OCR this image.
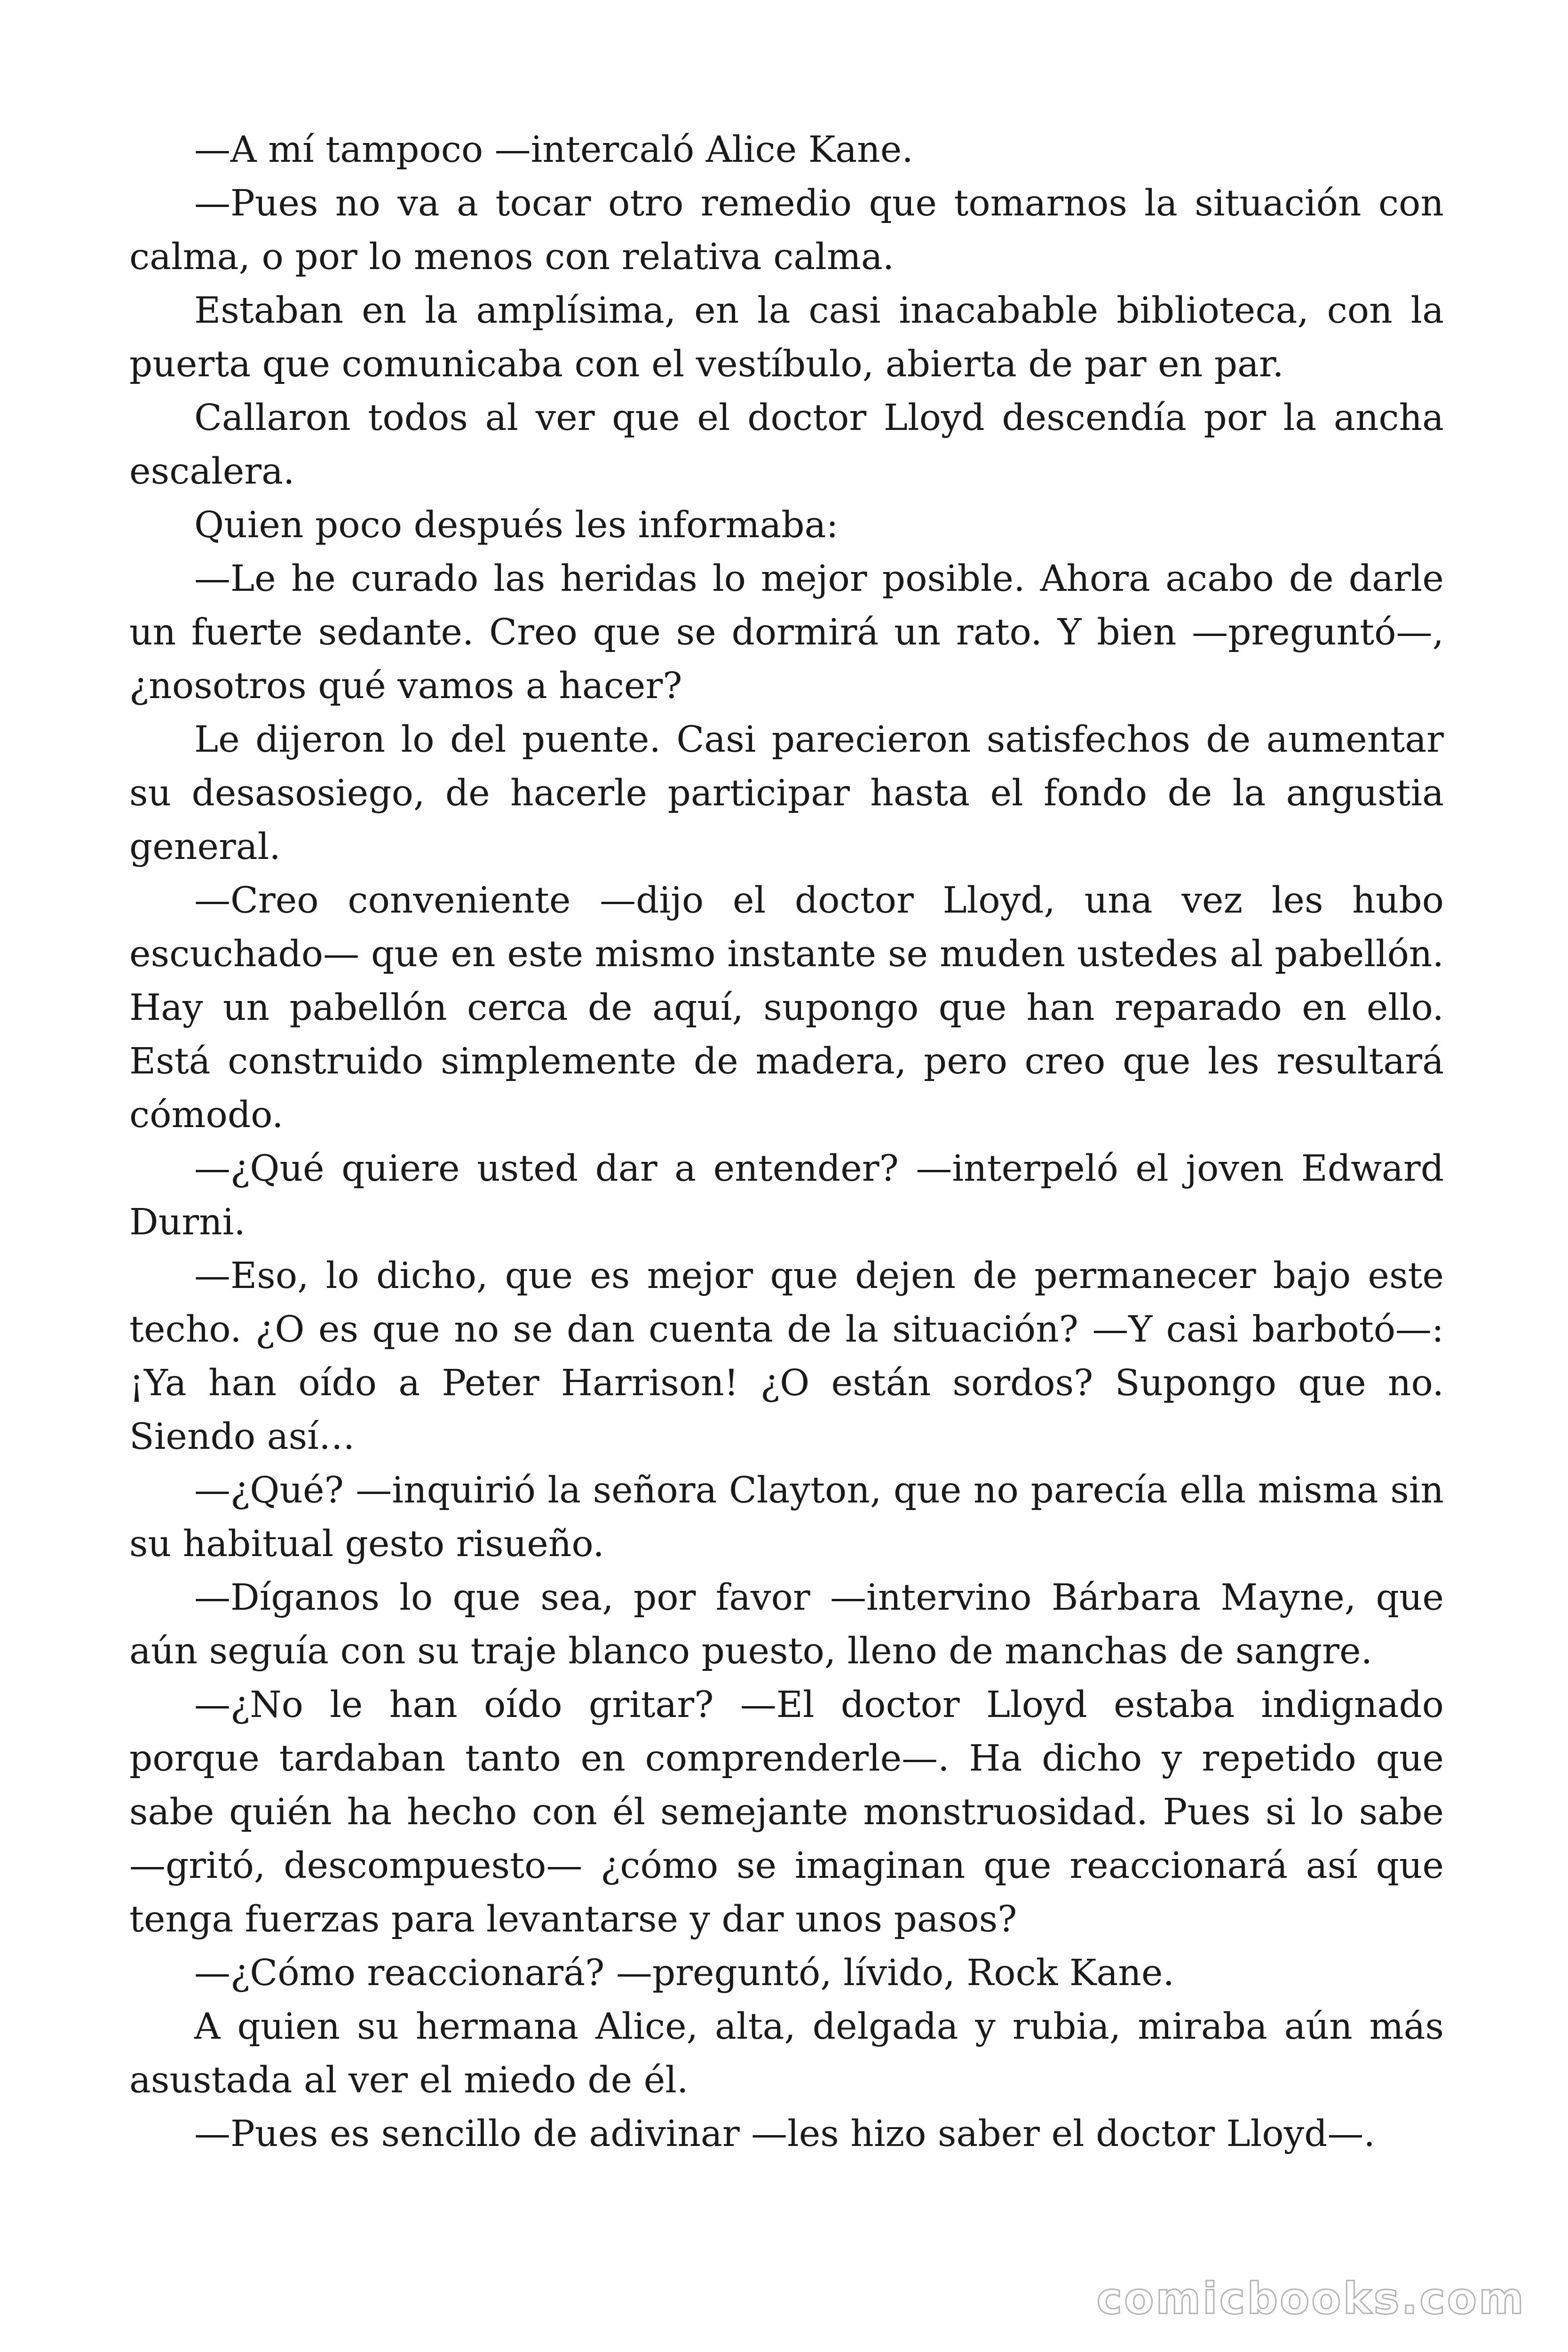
—A mí tampoco —intercaló Alice Kane.

—Pues no va a tocar otro remedio que tomarnos la situación con calma, o por lo menos con relativa calma.

Estaban en la amplísima, en la casi inacabable biblioteca, con la puerta que comunicaba con el vestíbulo, abierta de par en par.

Callaron todos al ver que el doctor Lloyd descendía por la ancha escalera.

Quien poco después les informaba:

—Le he curado las heridas lo mejor posible. Ahora acabo de darle un fuerte sedante. Creo que se dormirá un rato. Y bien —preguntó—, ¿nosotros qué vamos a hacer?

Le dijeron lo del puente. Casi parecieron satisfechos de aumentar su desasosiego, de hacerle participar hasta el fondo de la angustia general.

—Creo conveniente —dijo el doctor Lloyd, una vez les hubo escuchado— que en este mismo instante se muden ustedes al pabellón. Hay un pabellón cerca de aquí, supongo que han reparado en ello. Está construido simplemente de madera, pero creo que les resultará cómodo.

—¿Qué quiere usted dar a entender? —interpeló el joven Edward Durni.

—Eso, lo dicho, que es mejor que dejen de permanecer bajo este techo. ¿O es que no se dan cuenta de la situación? —Y casi barbotó—: ¡Ya han oído a Peter Harrison! ¿O están sordos? Supongo que no. Siendo así…

—¿Qué? —inquirió la señora Clayton, que no parecía ella misma sin su habitual gesto risueño.

—Díganos lo que sea, por favor —intervino Bárbara Mayne, que aún seguía con su traje blanco puesto, lleno de manchas de sangre.

—¿No le han oído gritar? —El doctor Lloyd estaba indignado porque tardaban tanto en comprenderle—. Ha dicho y repetido que sabe quién ha hecho con él semejante monstruosidad. Pues si lo sabe —gritó, descompuesto— ¿cómo se imaginan que reaccionará así que tenga fuerzas para levantarse y dar unos pasos?

—¿Cómo reaccionará? —preguntó, lívido, Rock Kane.

A quien su hermana Alice, alta, delgada y rubia, miraba aún más asustada al ver el miedo de él.

—Pues es sencillo de adivinar —les hizo saber el doctor Lloyd—.

comicbooks.com
